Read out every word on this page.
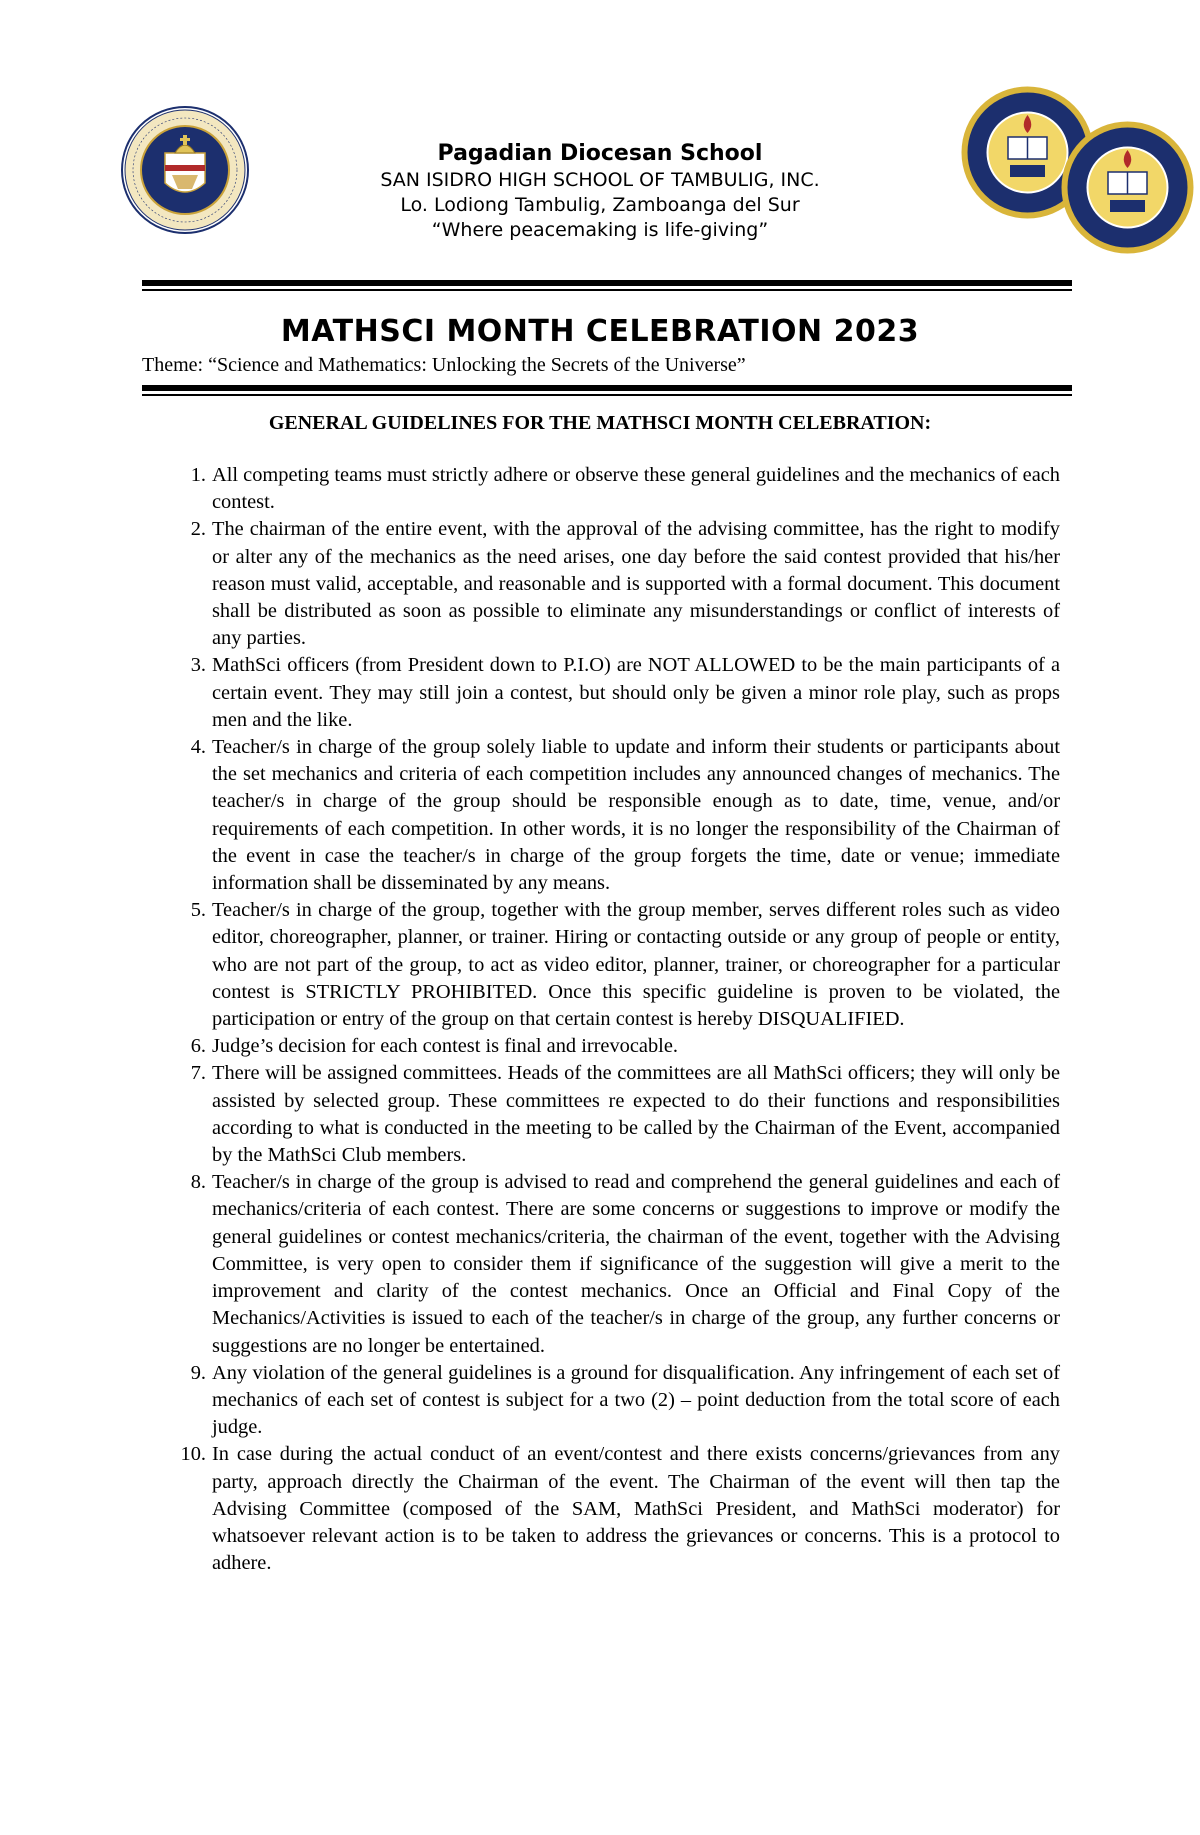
Pagadian Diocesan School
SAN ISIDRO HIGH SCHOOL OF TAMBULIG, INC.
Lo. Lodiong Tambulig, Zamboanga del Sur
“Where peacemaking is life-giving”
MATHSCI MONTH CELEBRATION 2023
Theme: “Science and Mathematics: Unlocking the Secrets of the Universe”
GENERAL GUIDELINES FOR THE MATHSCI MONTH CELEBRATION:
1. All competing teams must strictly adhere or observe these general guidelines and the mechanics of each contest.
2. The chairman of the entire event, with the approval of the advising committee, has the right to modify or alter any of the mechanics as the need arises, one day before the said contest provided that his/her reason must valid, acceptable, and reasonable and is supported with a formal document. This document shall be distributed as soon as possible to eliminate any misunderstandings or conflict of interests of any parties.
3. MathSci officers (from President down to P.I.O) are NOT ALLOWED to be the main participants of a certain event. They may still join a contest, but should only be given a minor role play, such as props men and the like.
4. Teacher/s in charge of the group solely liable to update and inform their students or participants about the set mechanics and criteria of each competition includes any announced changes of mechanics. The teacher/s in charge of the group should be responsible enough as to date, time, venue, and/or requirements of each competition. In other words, it is no longer the responsibility of the Chairman of the event in case the teacher/s in charge of the group forgets the time, date or venue; immediate information shall be disseminated by any means.
5. Teacher/s in charge of the group, together with the group member, serves different roles such as video editor, choreographer, planner, or trainer. Hiring or contacting outside or any group of people or entity, who are not part of the group, to act as video editor, planner, trainer, or choreographer for a particular contest is STRICTLY PROHIBITED. Once this specific guideline is proven to be violated, the participation or entry of the group on that certain contest is hereby DISQUALIFIED.
6. Judge’s decision for each contest is final and irrevocable.
7. There will be assigned committees. Heads of the committees are all MathSci officers; they will only be assisted by selected group. These committees re expected to do their functions and responsibilities according to what is conducted in the meeting to be called by the Chairman of the Event, accompanied by the MathSci Club members.
8. Teacher/s in charge of the group is advised to read and comprehend the general guidelines and each of mechanics/criteria of each contest. There are some concerns or suggestions to improve or modify the general guidelines or contest mechanics/criteria, the chairman of the event, together with the Advising Committee, is very open to consider them if significance of the suggestion will give a merit to the improvement and clarity of the contest mechanics. Once an Official and Final Copy of the Mechanics/Activities is issued to each of the teacher/s in charge of the group, any further concerns or suggestions are no longer be entertained.
9. Any violation of the general guidelines is a ground for disqualification. Any infringement of each set of mechanics of each set of contest is subject for a two (2) – point deduction from the total score of each judge.
10. In case during the actual conduct of an event/contest and there exists concerns/grievances from any party, approach directly the Chairman of the event. The Chairman of the event will then tap the Advising Committee (composed of the SAM, MathSci President, and MathSci moderator) for whatsoever relevant action is to be taken to address the grievances or concerns. This is a protocol to adhere.
